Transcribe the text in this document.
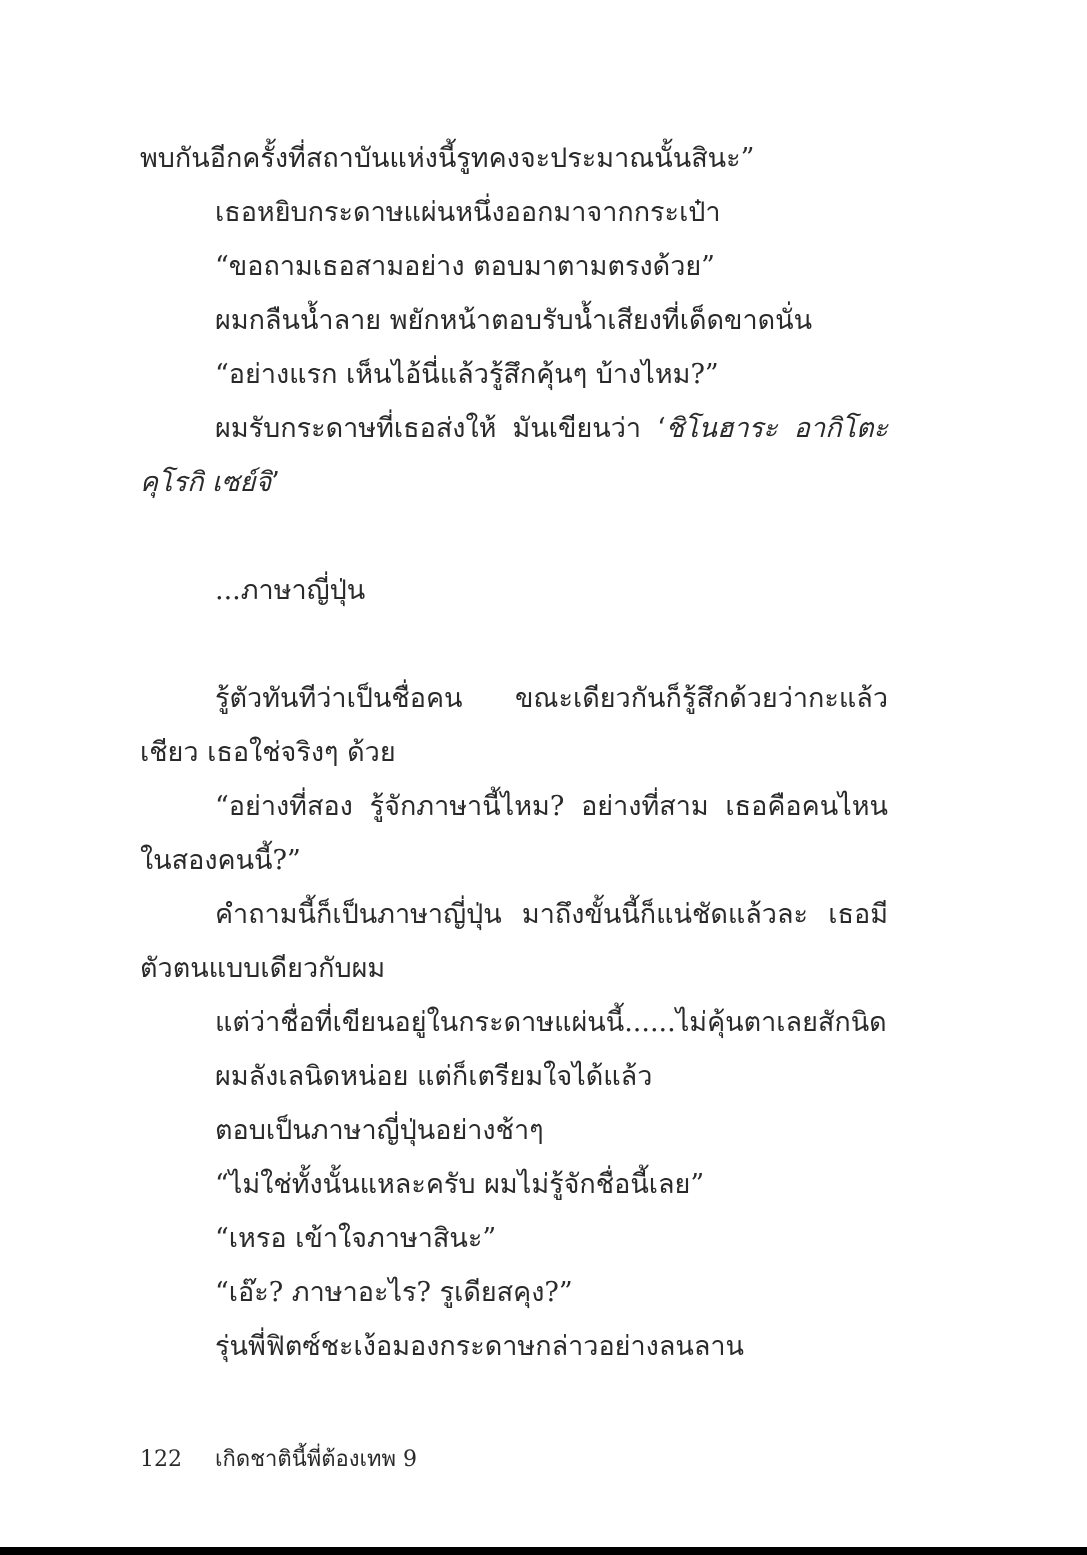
พบกันอีกครั้งที่สถาบันแห่งนี้รูทคงจะประมาณนั้นสินะ”

เธอหยิบกระดาษแผ่นหนึ่งออกมาจากกระเป๋า

“ขอถามเธอสามอย่าง ตอบมาตามตรงด้วย”

ผมกลืนน้ำลาย พยักหน้าตอบรับน้ำเสียงที่เด็ดขาดนั่น

“อย่างแรก เห็นไอ้นี่แล้วรู้สึกคุ้นๆ บ้างไหม?”

ผมรับกระดาษที่เธอส่งให้ มันเขียนว่า ‘ชิโนฮาระ อากิโตะ คุโรกิ เซย์จิ’

...ภาษาญี่ปุ่น

รู้ตัวทันทีว่าเป็นชื่อคน ขณะเดียวกันก็รู้สึกด้วยว่ากะแล้วเชียว เธอใช่จริงๆ ด้วย

“อย่างที่สอง รู้จักภาษานี้ไหม? อย่างที่สาม เธอคือคนไหนในสองคนนี้?”

คำถามนี้ก็เป็นภาษาญี่ปุ่น มาถึงขั้นนี้ก็แน่ชัดแล้วละ เธอมีตัวตนแบบเดียวกับผม

แต่ว่าชื่อที่เขียนอยู่ในกระดาษแผ่นนี้......ไม่คุ้นตาเลยสักนิด

ผมลังเลนิดหน่อย แต่ก็เตรียมใจได้แล้ว

ตอบเป็นภาษาญี่ปุ่นอย่างช้าๆ

“ไม่ใช่ทั้งนั้นแหละครับ ผมไม่รู้จักชื่อนี้เลย”

“เหรอ เข้าใจภาษาสินะ”

“เอ๊ะ? ภาษาอะไร? รูเดียสคุง?”

รุ่นพี่ฟิตซ์ชะเง้อมองกระดาษกล่าวอย่างลนลาน

122 เกิดชาตินี้พี่ต้องเทพ 9
